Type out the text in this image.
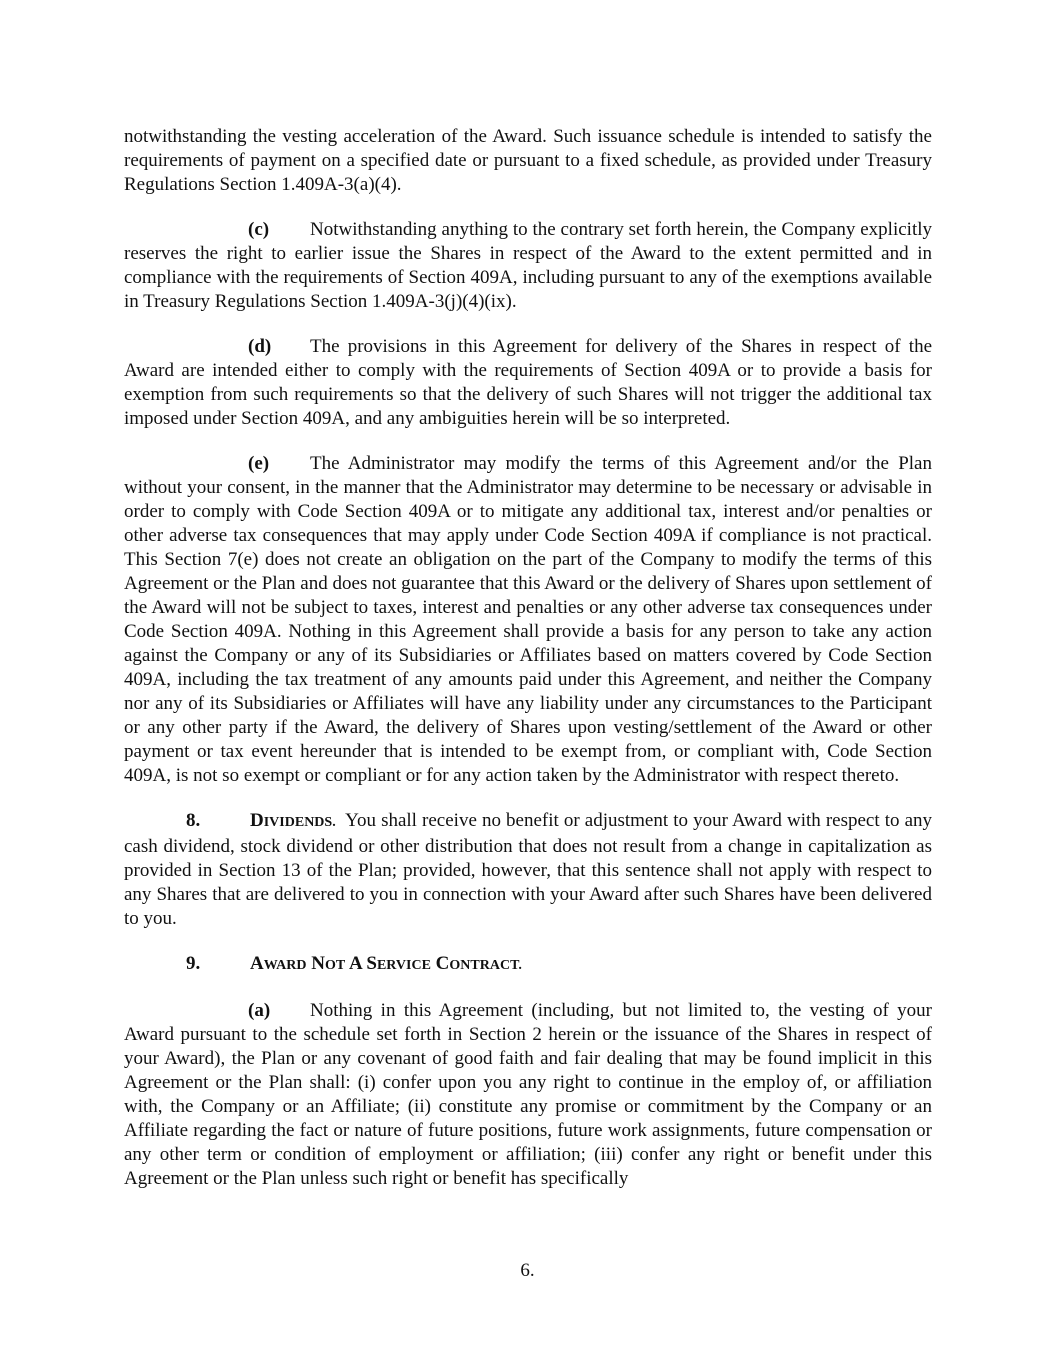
notwithstanding the vesting acceleration of the Award. Such issuance schedule is intended to satisfy the requirements of payment on a specified date or pursuant to a fixed schedule, as provided under Treasury Regulations Section 1.409A-3(a)(4).

(c) Notwithstanding anything to the contrary set forth herein, the Company explicitly reserves the right to earlier issue the Shares in respect of the Award to the extent permitted and in compliance with the requirements of Section 409A, including pursuant to any of the exemptions available in Treasury Regulations Section 1.409A-3(j)(4)(ix).

(d) The provisions in this Agreement for delivery of the Shares in respect of the Award are intended either to comply with the requirements of Section 409A or to provide a basis for exemption from such requirements so that the delivery of such Shares will not trigger the additional tax imposed under Section 409A, and any ambiguities herein will be so interpreted.

(e) The Administrator may modify the terms of this Agreement and/or the Plan without your consent, in the manner that the Administrator may determine to be necessary or advisable in order to comply with Code Section 409A or to mitigate any additional tax, interest and/or penalties or other adverse tax consequences that may apply under Code Section 409A if compliance is not practical. This Section 7(e) does not create an obligation on the part of the Company to modify the terms of this Agreement or the Plan and does not guarantee that this Award or the delivery of Shares upon settlement of the Award will not be subject to taxes, interest and penalties or any other adverse tax consequences under Code Section 409A. Nothing in this Agreement shall provide a basis for any person to take any action against the Company or any of its Subsidiaries or Affiliates based on matters covered by Code Section 409A, including the tax treatment of any amounts paid under this Agreement, and neither the Company nor any of its Subsidiaries or Affiliates will have any liability under any circumstances to the Participant or any other party if the Award, the delivery of Shares upon vesting/settlement of the Award or other payment or tax event hereunder that is intended to be exempt from, or compliant with, Code Section 409A, is not so exempt or compliant or for any action taken by the Administrator with respect thereto.

8.	DIVIDENDS. You shall receive no benefit or adjustment to your Award with respect to any cash dividend, stock dividend or other distribution that does not result from a change in capitalization as provided in Section 13 of the Plan; provided, however, that this sentence shall not apply with respect to any Shares that are delivered to you in connection with your Award after such Shares have been delivered to you.

9.	AWARD NOT A SERVICE CONTRACT.

(a) Nothing in this Agreement (including, but not limited to, the vesting of your Award pursuant to the schedule set forth in Section 2 herein or the issuance of the Shares in respect of your Award), the Plan or any covenant of good faith and fair dealing that may be found implicit in this Agreement or the Plan shall: (i) confer upon you any right to continue in the employ of, or affiliation with, the Company or an Affiliate; (ii) constitute any promise or commitment by the Company or an Affiliate regarding the fact or nature of future positions, future work assignments, future compensation or any other term or condition of employment or affiliation; (iii) confer any right or benefit under this Agreement or the Plan unless such right or benefit has specifically

6.
